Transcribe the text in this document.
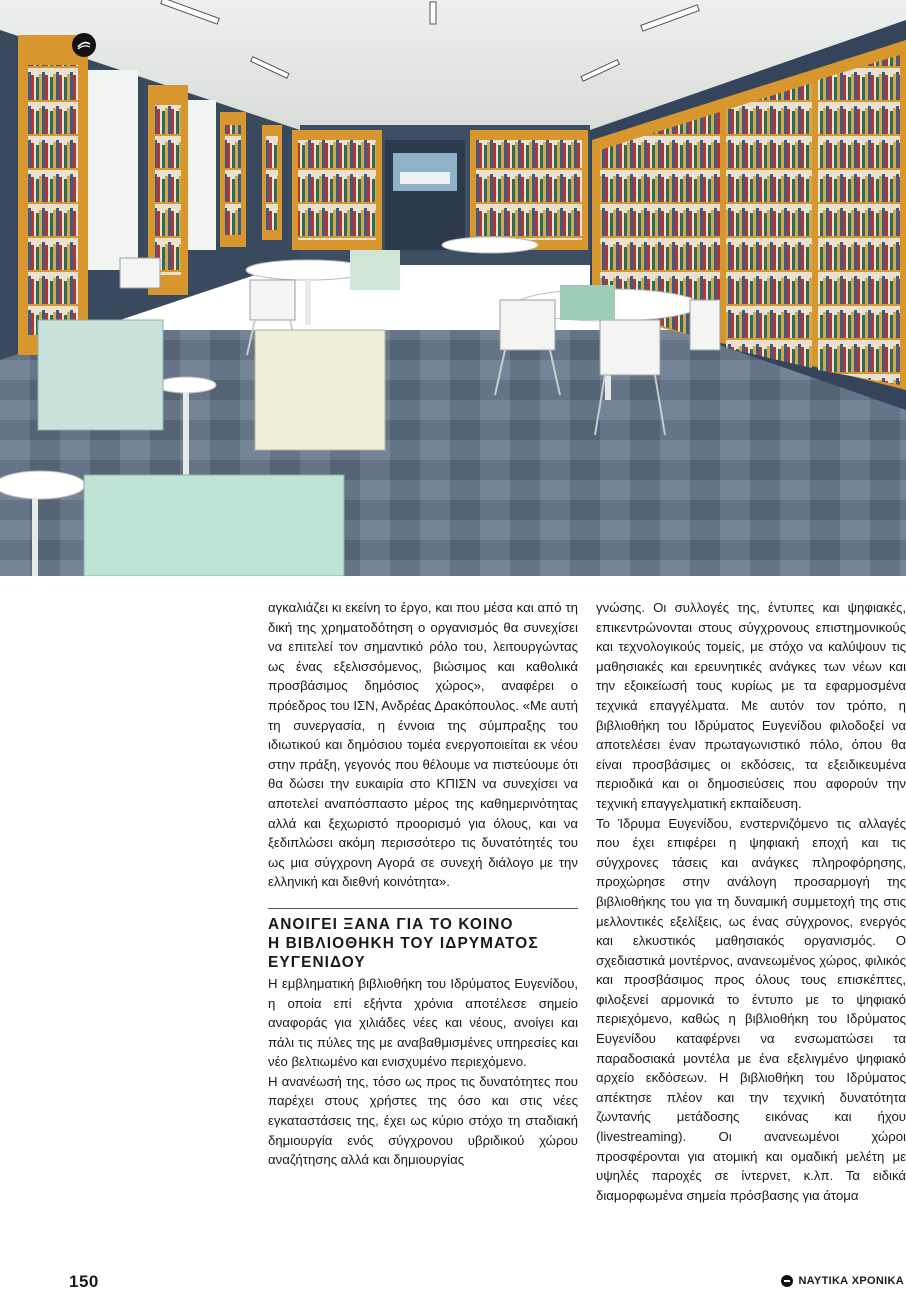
αγκαλιάζει κι εκείνη το έργο, και που μέσα και από τη δική της χρηματοδότηση ο οργανισμός θα συνεχίσει να επιτελεί τον σημαντικό ρόλο του, λειτουργώντας ως ένας εξελισσόμενος, βιώσιμος και καθολικά προσβάσιμος δημόσιος χώρος», αναφέρει ο πρόεδρος του ΙΣΝ, Ανδρέας Δρακόπουλος. «Με αυτή τη συνεργασία, η έννοια της σύμπραξης του ιδιωτικού και δημόσιου τομέα ενεργοποιείται εκ νέου στην πράξη, γεγονός που θέλουμε να πιστεύουμε ότι θα δώσει την ευκαιρία στο ΚΠΙΣΝ να συνεχίσει να αποτελεί αναπόσπαστο μέρος της καθημερινότητας αλλά και ξεχωριστό προορισμό για όλους, και να ξεδιπλώσει ακόμη περισσότερο τις δυνατότητές του ως μια σύγχρονη Αγορά σε συνεχή διάλογο με την ελληνική και διεθνή κοινότητα».

ΑΝΟΙΓΕΙ ΞΑΝΑ ΓΙΑ ΤΟ ΚΟΙΝΟ
Η ΒΙΒΛΙΟΘΗΚΗ ΤΟΥ ΙΔΡΥΜΑΤΟΣ
ΕΥΓΕΝΙΔΟΥ

Η εμβληματική βιβλιοθήκη του Ιδρύματος Ευγενίδου, η οποία επί εξήντα χρόνια αποτέλεσε σημείο αναφοράς για χιλιάδες νέες και νέους, ανοίγει και πάλι τις πύλες της με αναβαθμισμένες υπηρεσίες και νέο βελτιωμένο και ενισχυμένο περιεχόμενο.

Η ανανέωσή της, τόσο ως προς τις δυνατότητες που παρέχει στους χρήστες της όσο και στις νέες εγκαταστάσεις της, έχει ως κύριο στόχο τη σταδιακή δημιουργία ενός σύγχρονου υβριδικού χώρου αναζήτησης αλλά και δημιουργίας

γνώσης. Οι συλλογές της, έντυπες και ψηφιακές, επικεντρώνονται στους σύγχρονους επιστημονικούς και τεχνολογικούς τομείς, με στόχο να καλύψουν τις μαθησιακές και ερευνητικές ανάγκες των νέων και την εξοικείωσή τους κυρίως με τα εφαρμοσμένα τεχνικά επαγγέλματα. Με αυτόν τον τρόπο, η βιβλιοθήκη του Ιδρύματος Ευγενίδου φιλοδοξεί να αποτελέσει έναν πρωταγωνιστικό πόλο, όπου θα είναι προσβάσιμες οι εκδόσεις, τα εξειδικευμένα περιοδικά και οι δημοσιεύσεις που αφορούν την τεχνική επαγγελματική εκπαίδευση.

Το Ίδρυμα Ευγενίδου, ενστερνιζόμενο τις αλλαγές που έχει επιφέρει η ψηφιακή εποχή και τις σύγχρονες τάσεις και ανάγκες πληροφόρησης, προχώρησε στην ανάλογη προσαρμογή της βιβλιοθήκης του για τη δυναμική συμμετοχή της στις μελλοντικές εξελίξεις, ως ένας σύγχρονος, ενεργός και ελκυστικός μαθησιακός οργανισμός. Ο σχεδιαστικά μοντέρνος, ανανεωμένος χώρος, φιλικός και προσβάσιμος προς όλους τους επισκέπτες, φιλοξενεί αρμονικά το έντυπο με το ψηφιακό περιεχόμενο, καθώς η βιβλιοθήκη του Ιδρύματος Ευγενίδου καταφέρνει να ενσωματώσει τα παραδοσιακά μοντέλα με ένα εξελιγμένο ψηφιακό αρχείο εκδόσεων. Η βιβλιοθήκη του Ιδρύματος απέκτησε πλέον και την τεχνική δυνατότητα ζωντανής μετάδοσης εικόνας και ήχου (livestreaming). Οι ανανεωμένοι χώροι προσφέρονται για ατομική και ομαδική μελέτη με υψηλές παροχές σε ίντερνετ, κ.λπ. Τα ειδικά διαμορφωμένα σημεία πρόσβασης για άτομα

150	ΝΑΥΤΙΚΑ ΧΡΟΝΙΚΑ
